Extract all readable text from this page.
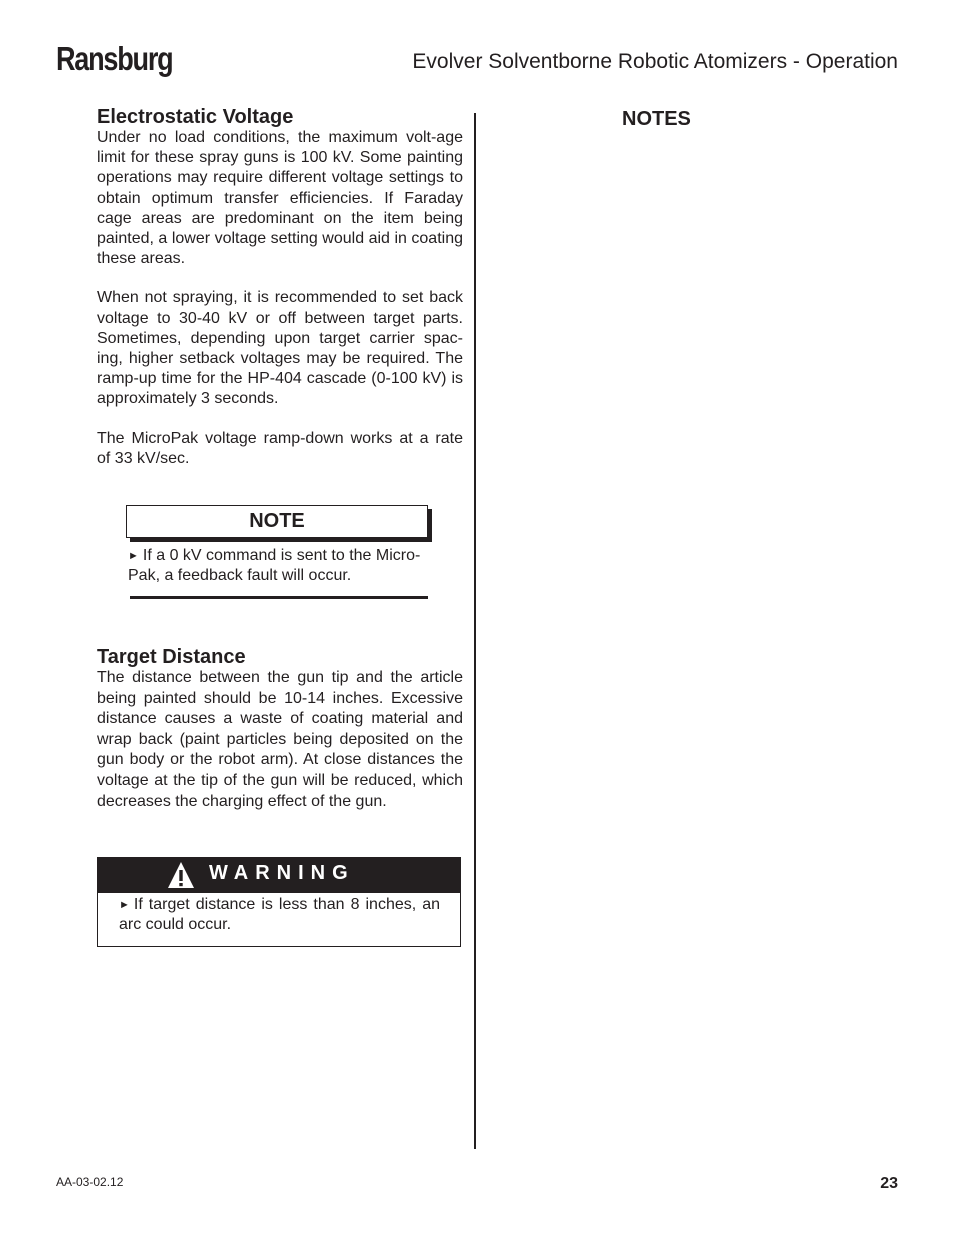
Ransburg	Evolver Solventborne Robotic Atomizers - Operation
Electrostatic Voltage

Under no load conditions, the maximum volt-age limit for these spray guns is 100 kV. Some painting operations may require different voltage settings to obtain optimum transfer efficiencies. If Faraday cage areas are predominant on the item being painted, a lower voltage setting would aid in coating these areas.

When not spraying, it is recommended to set back voltage to 30-40 kV or off between target parts. Sometimes, depending upon target carrier spac-ing, higher setback voltages may be required. The ramp-up time for the HP-404 cascade (0-100 kV) is approximately 3 seconds.

The MicroPak voltage ramp-down works at a rate of 33 kV/sec.

NOTE
► If a 0 kV command is sent to the Micro-Pak, a feedback fault will occur.
Target Distance

The distance between the gun tip and the article being painted should be 10-14 inches. Excessive distance causes a waste of coating material and wrap back (paint particles being deposited on the gun body or the robot arm). At close distances the voltage at the tip of the gun will be reduced, which decreases the charging effect of the gun.

WARNING
► If target distance is less than 8 inches, an arc could occur.
NOTES
AA-03-02.12	23
